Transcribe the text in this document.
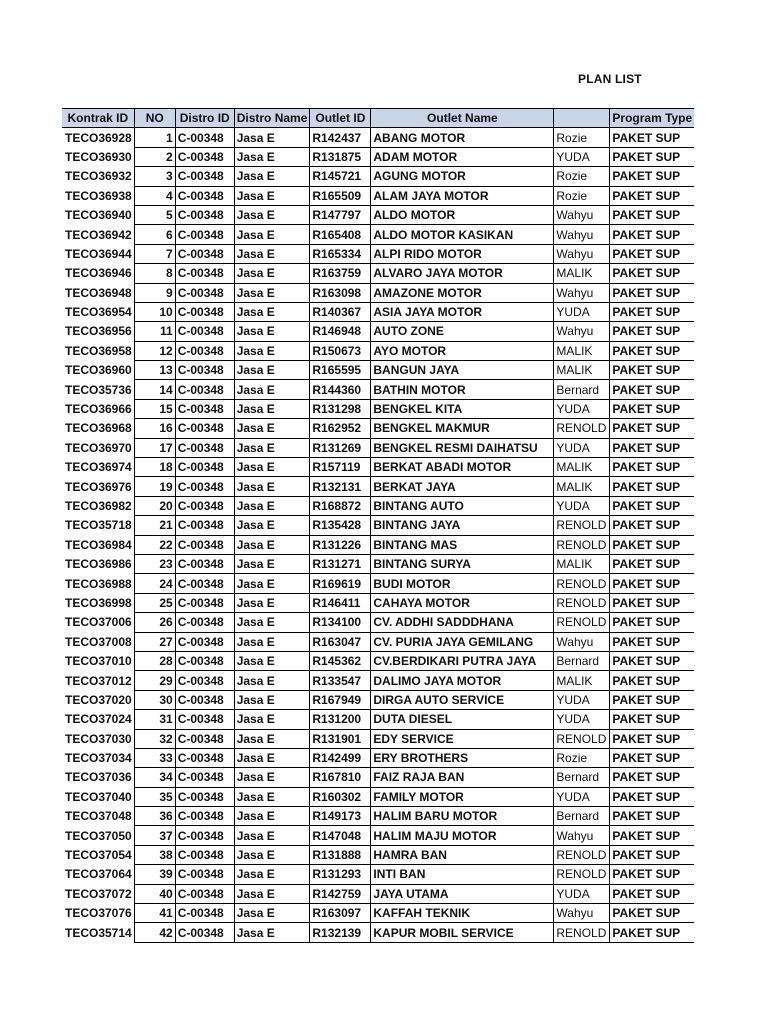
PLAN LIST
Kontrak ID	NO	Distro ID	Distro Name	Outlet ID	Outlet Name		Program Type
TECO36928	1	C-00348	Jasa E	R142437	ABANG MOTOR	Rozie	PAKET SUP
TECO36930	2	C-00348	Jasa E	R131875	ADAM MOTOR	YUDA	PAKET SUP
TECO36932	3	C-00348	Jasa E	R145721	AGUNG MOTOR	Rozie	PAKET SUP
TECO36938	4	C-00348	Jasa E	R165509	ALAM JAYA MOTOR	Rozie	PAKET SUP
TECO36940	5	C-00348	Jasa E	R147797	ALDO MOTOR	Wahyu	PAKET SUP
TECO36942	6	C-00348	Jasa E	R165408	ALDO MOTOR KASIKAN	Wahyu	PAKET SUP
TECO36944	7	C-00348	Jasa E	R165334	ALPI RIDO MOTOR	Wahyu	PAKET SUP
TECO36946	8	C-00348	Jasa E	R163759	ALVARO JAYA MOTOR	MALIK	PAKET SUP
TECO36948	9	C-00348	Jasa E	R163098	AMAZONE MOTOR	Wahyu	PAKET SUP
TECO36954	10	C-00348	Jasa E	R140367	ASIA JAYA MOTOR	YUDA	PAKET SUP
TECO36956	11	C-00348	Jasa E	R146948	AUTO ZONE	Wahyu	PAKET SUP
TECO36958	12	C-00348	Jasa E	R150673	AYO MOTOR	MALIK	PAKET SUP
TECO36960	13	C-00348	Jasa E	R165595	BANGUN JAYA	MALIK	PAKET SUP
TECO35736	14	C-00348	Jasa E	R144360	BATHIN MOTOR	Bernard	PAKET SUP
TECO36966	15	C-00348	Jasa E	R131298	BENGKEL KITA	YUDA	PAKET SUP
TECO36968	16	C-00348	Jasa E	R162952	BENGKEL MAKMUR	RENOLD	PAKET SUP
TECO36970	17	C-00348	Jasa E	R131269	BENGKEL RESMI DAIHATSU	YUDA	PAKET SUP
TECO36974	18	C-00348	Jasa E	R157119	BERKAT ABADI MOTOR	MALIK	PAKET SUP
TECO36976	19	C-00348	Jasa E	R132131	BERKAT JAYA	MALIK	PAKET SUP
TECO36982	20	C-00348	Jasa E	R168872	BINTANG AUTO	YUDA	PAKET SUP
TECO35718	21	C-00348	Jasa E	R135428	BINTANG JAYA	RENOLD	PAKET SUP
TECO36984	22	C-00348	Jasa E	R131226	BINTANG MAS	RENOLD	PAKET SUP
TECO36986	23	C-00348	Jasa E	R131271	BINTANG SURYA	MALIK	PAKET SUP
TECO36988	24	C-00348	Jasa E	R169619	BUDI MOTOR	RENOLD	PAKET SUP
TECO36998	25	C-00348	Jasa E	R146411	CAHAYA MOTOR	RENOLD	PAKET SUP
TECO37006	26	C-00348	Jasa E	R134100	CV. ADDHI SADDDHANA	RENOLD	PAKET SUP
TECO37008	27	C-00348	Jasa E	R163047	CV. PURIA JAYA GEMILANG	Wahyu	PAKET SUP
TECO37010	28	C-00348	Jasa E	R145362	CV.BERDIKARI PUTRA JAYA	Bernard	PAKET SUP
TECO37012	29	C-00348	Jasa E	R133547	DALIMO JAYA MOTOR	MALIK	PAKET SUP
TECO37020	30	C-00348	Jasa E	R167949	DIRGA AUTO SERVICE	YUDA	PAKET SUP
TECO37024	31	C-00348	Jasa E	R131200	DUTA DIESEL	YUDA	PAKET SUP
TECO37030	32	C-00348	Jasa E	R131901	EDY SERVICE	RENOLD	PAKET SUP
TECO37034	33	C-00348	Jasa E	R142499	ERY BROTHERS	Rozie	PAKET SUP
TECO37036	34	C-00348	Jasa E	R167810	FAIZ RAJA BAN	Bernard	PAKET SUP
TECO37040	35	C-00348	Jasa E	R160302	FAMILY MOTOR	YUDA	PAKET SUP
TECO37048	36	C-00348	Jasa E	R149173	HALIM BARU MOTOR	Bernard	PAKET SUP
TECO37050	37	C-00348	Jasa E	R147048	HALIM MAJU MOTOR	Wahyu	PAKET SUP
TECO37054	38	C-00348	Jasa E	R131888	HAMRA BAN	RENOLD	PAKET SUP
TECO37064	39	C-00348	Jasa E	R131293	INTI BAN	RENOLD	PAKET SUP
TECO37072	40	C-00348	Jasa E	R142759	JAYA UTAMA	YUDA	PAKET SUP
TECO37076	41	C-00348	Jasa E	R163097	KAFFAH TEKNIK	Wahyu	PAKET SUP
TECO35714	42	C-00348	Jasa E	R132139	KAPUR MOBIL SERVICE	RENOLD	PAKET SUP
